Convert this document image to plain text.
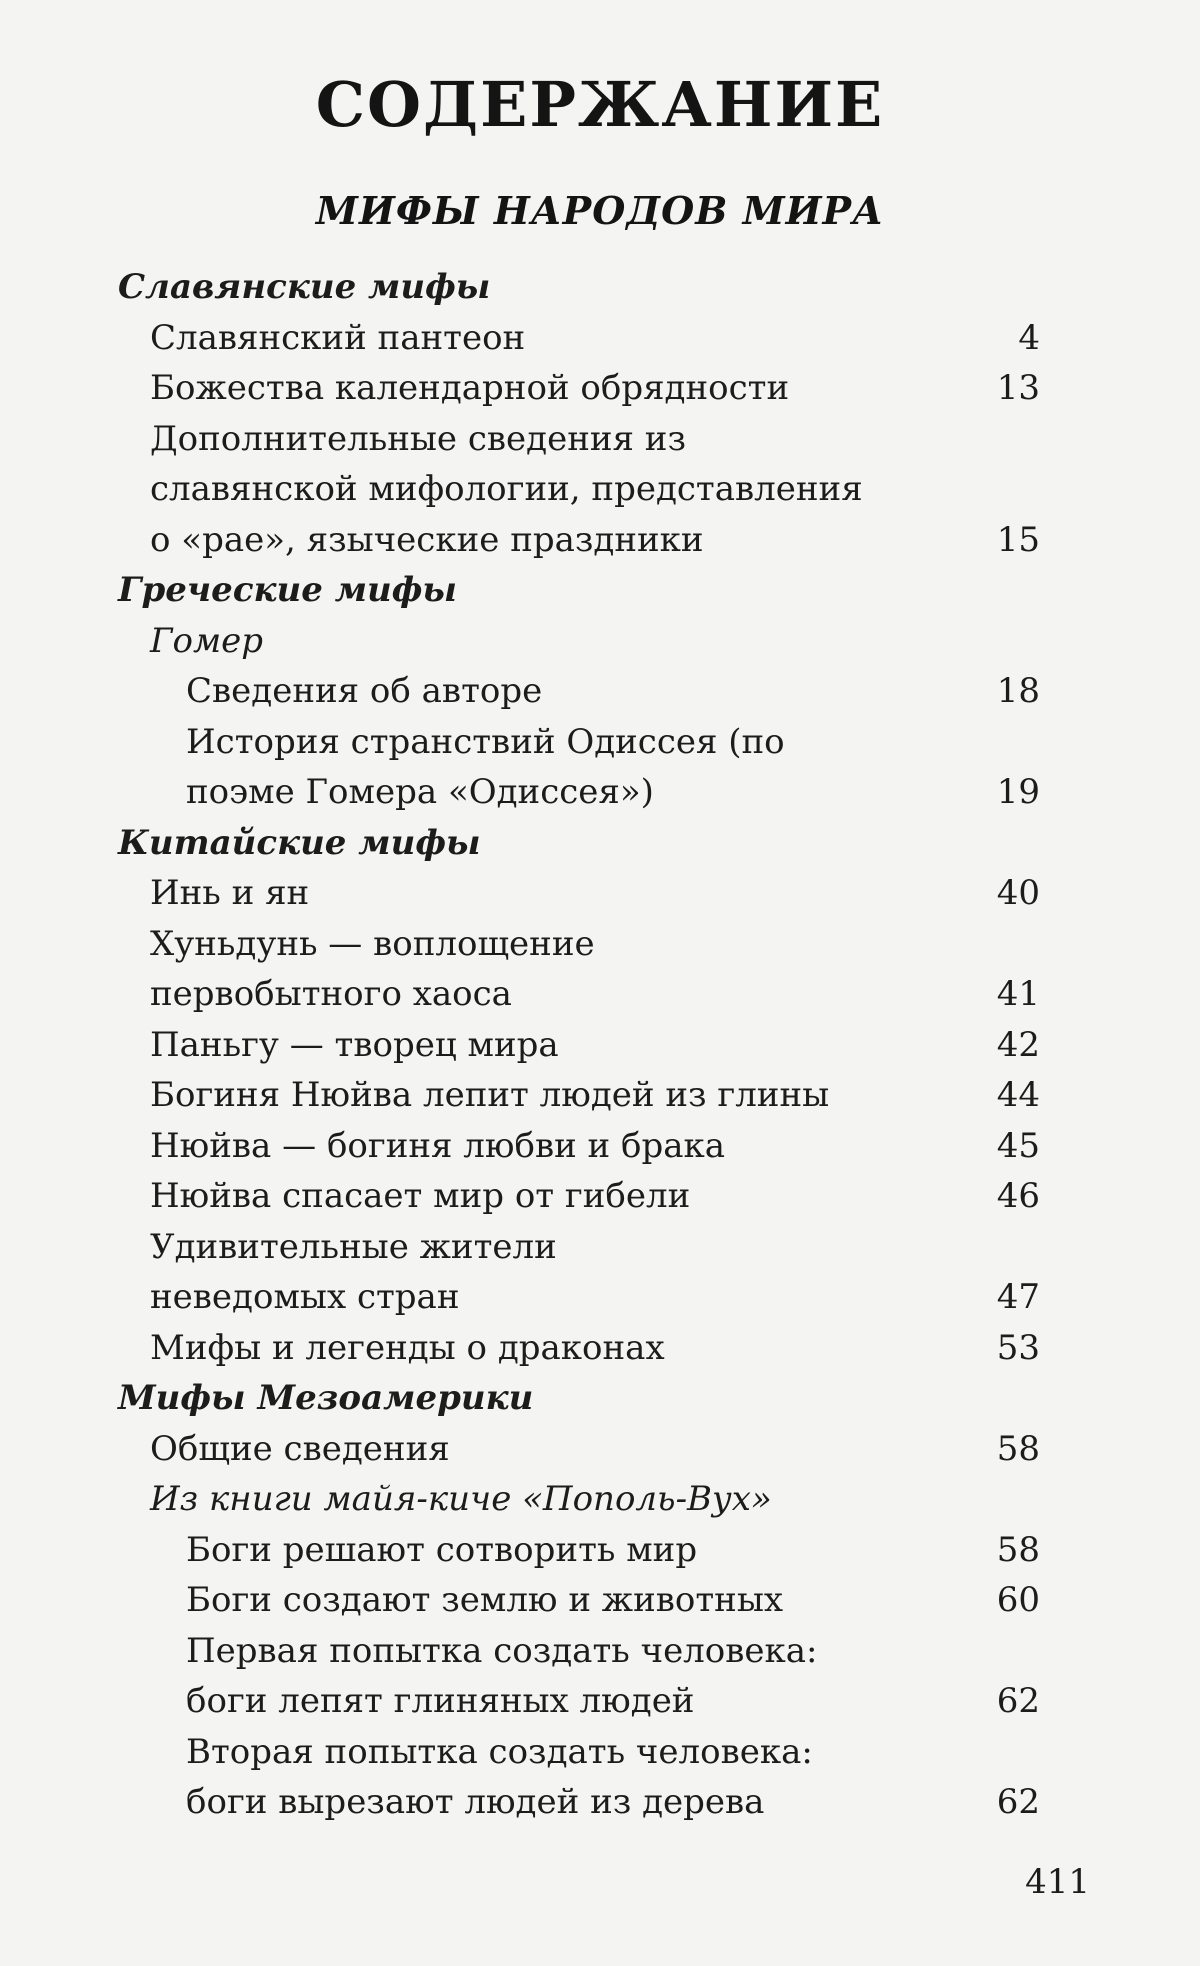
СОДЕРЖАНИЕ
МИФЫ НАРОДОВ МИРА
Славянские мифы
Славянский пантеон	4
Божества календарной обрядности	13
Дополнительные сведения из
славянской мифологии, представления
о «рае», языческие праздники	15
Греческие мифы
Гомер
Сведения об авторе	18
История странствий Одиссея (по
поэме Гомера «Одиссея»)	19
Китайские мифы
Инь и ян	40
Хуньдунь — воплощение
первобытного хаоса	41
Паньгу — творец мира	42
Богиня Нюйва лепит людей из глины	44
Нюйва — богиня любви и брака	45
Нюйва спасает мир от гибели	46
Удивительные жители
неведомых стран	47
Мифы и легенды о драконах	53
Мифы Мезоамерики
Общие сведения	58
Из книги майя-киче «Пополь-Вух»
Боги решают сотворить мир	58
Боги создают землю и животных	60
Первая попытка создать человека:
боги лепят глиняных людей	62
Вторая попытка создать человека:
боги вырезают людей из дерева	62
411
